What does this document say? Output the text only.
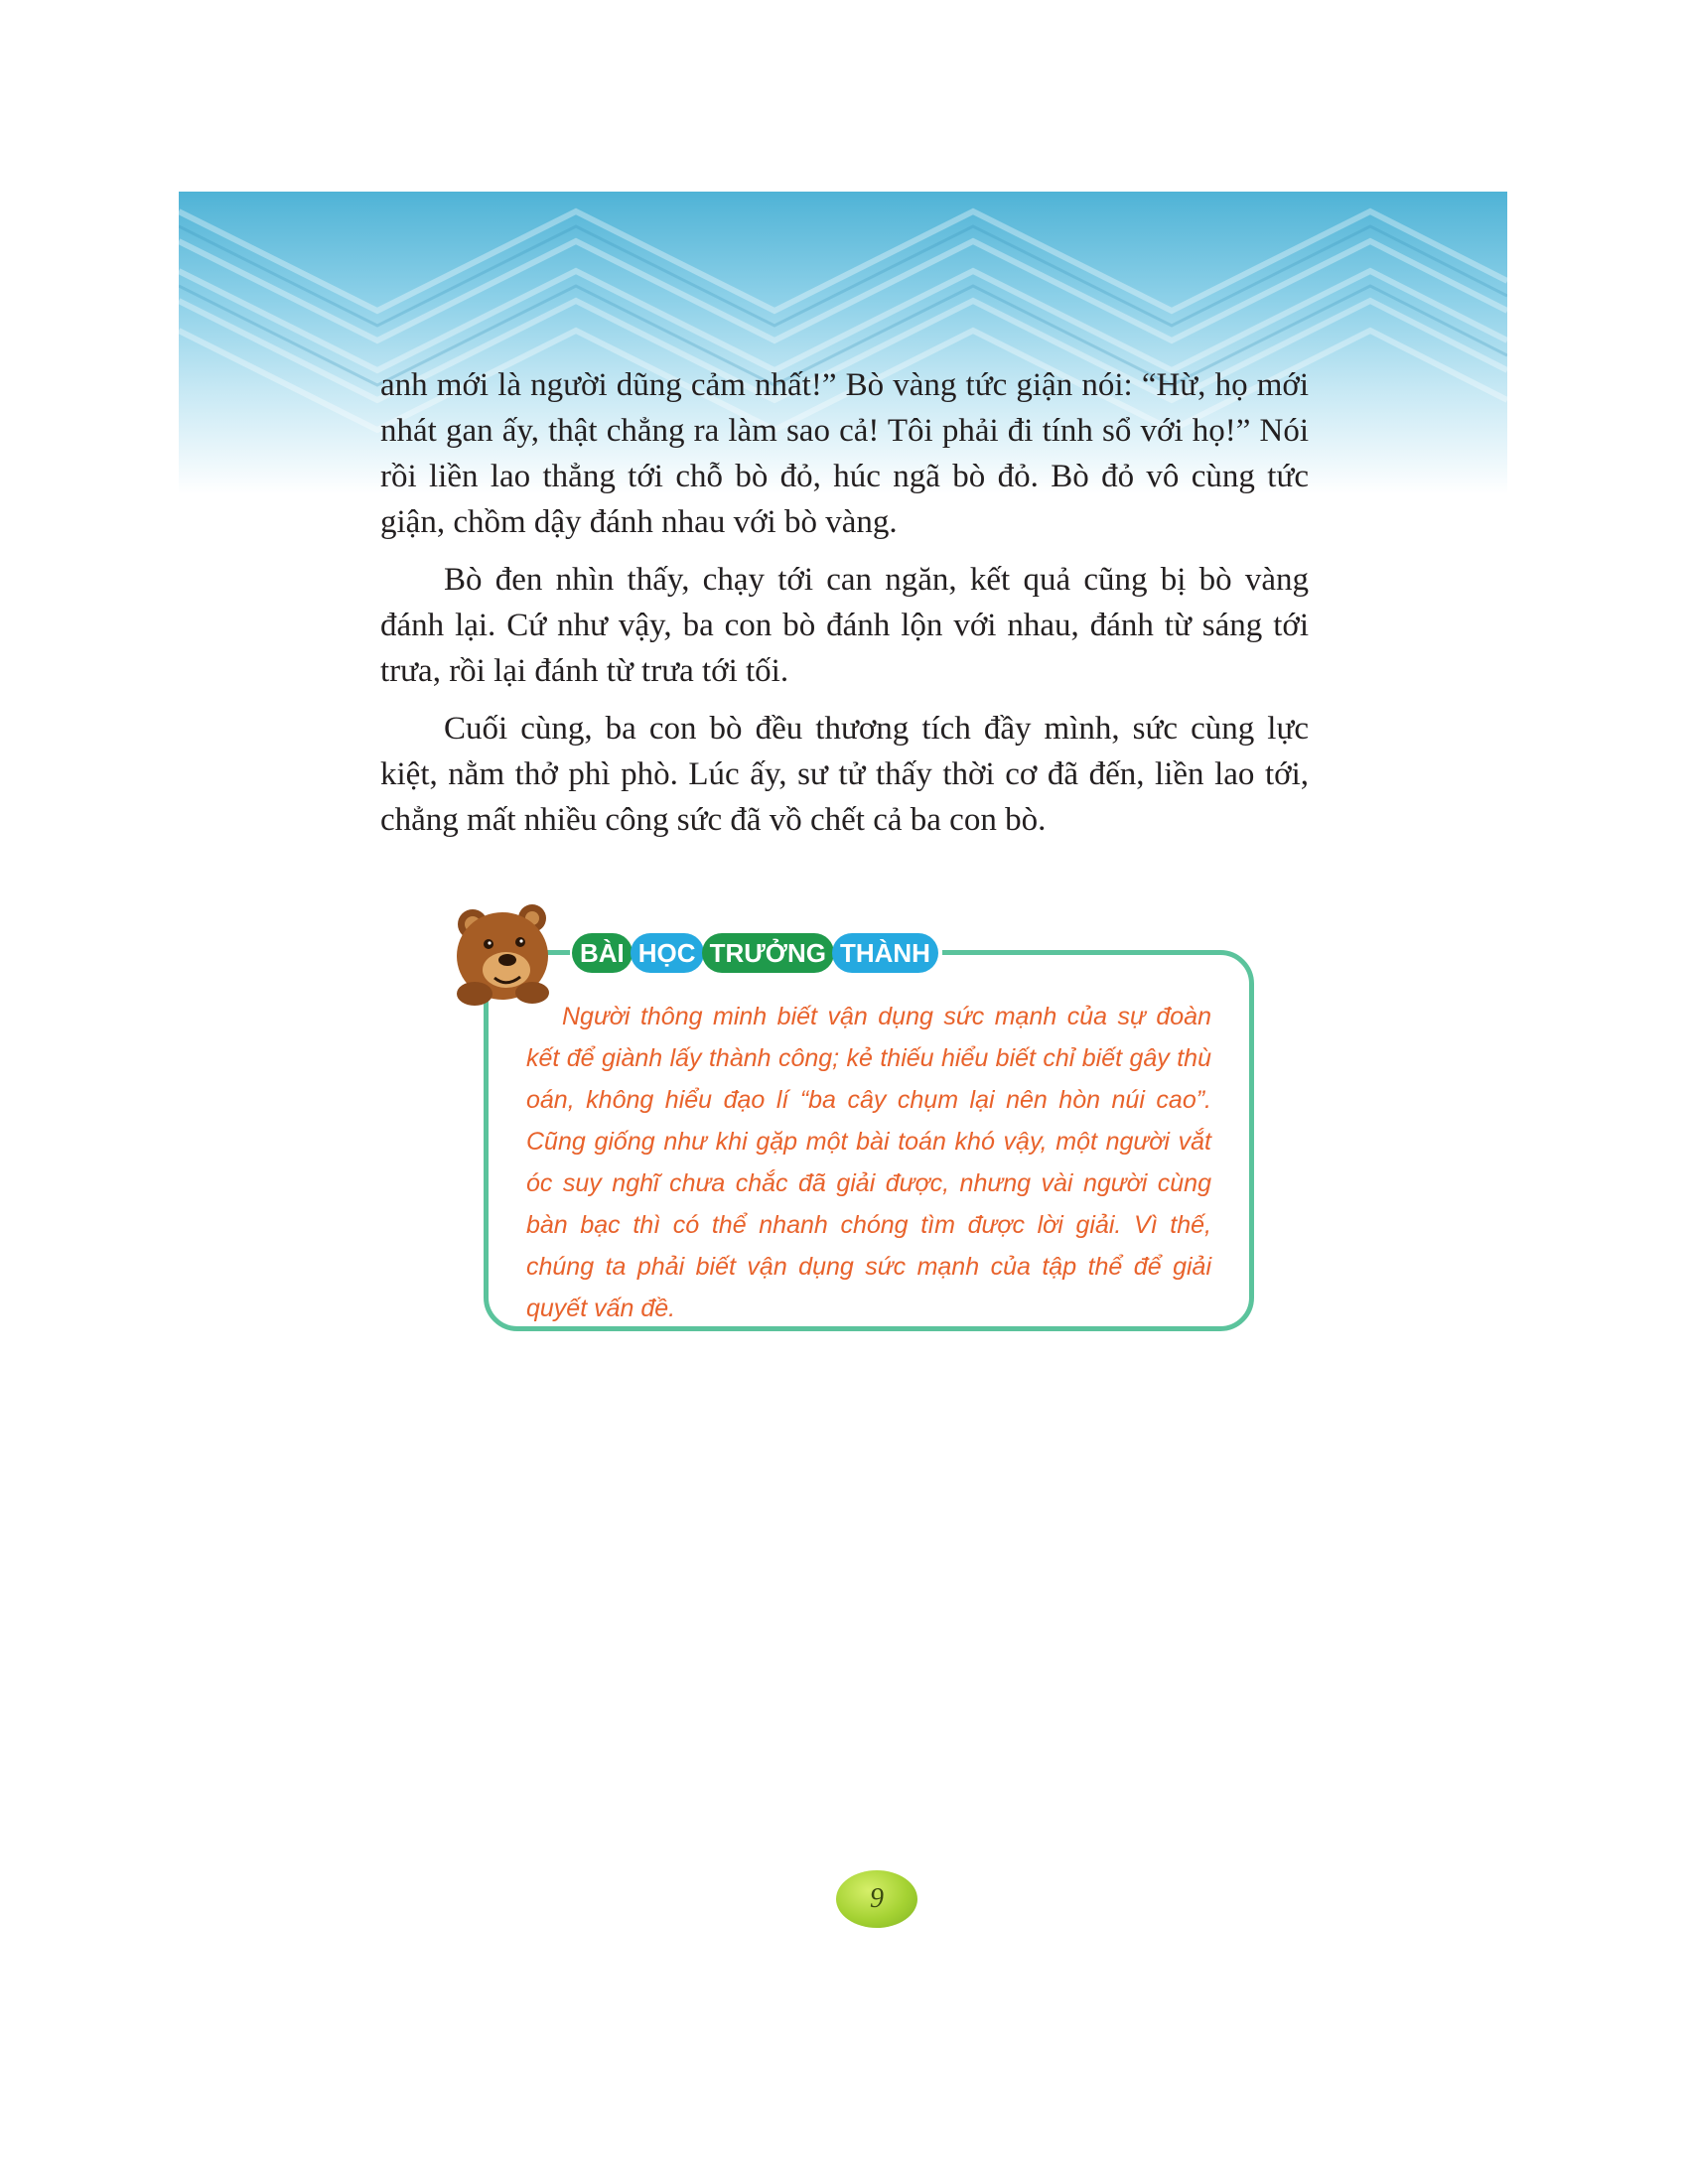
anh mới là người dũng cảm nhất!” Bò vàng tức giận nói: “Hừ, họ mới nhát gan ấy, thật chẳng ra làm sao cả! Tôi phải đi tính sổ với họ!” Nói rồi liền lao thẳng tới chỗ bò đỏ, húc ngã bò đỏ. Bò đỏ vô cùng tức giận, chồm dậy đánh nhau với bò vàng.

Bò đen nhìn thấy, chạy tới can ngăn, kết quả cũng bị bò vàng đánh lại. Cứ như vậy, ba con bò đánh lộn với nhau, đánh từ sáng tới trưa, rồi lại đánh từ trưa tới tối.

Cuối cùng, ba con bò đều thương tích đầy mình, sức cùng lực kiệt, nằm thở phì phò. Lúc ấy, sư tử thấy thời cơ đã đến, liền lao tới, chẳng mất nhiều công sức đã vồ chết cả ba con bò.

Người thông minh biết vận dụng sức mạnh của sự đoàn kết để giành lấy thành công; kẻ thiếu hiểu biết chỉ biết gây thù oán, không hiểu đạo lí “ba cây chụm lại nên hòn núi cao”. Cũng giống như khi gặp một bài toán khó vậy, một người vắt óc suy nghĩ chưa chắc đã giải được, nhưng vài người cùng bàn bạc thì có thể nhanh chóng tìm được lời giải. Vì thế, chúng ta phải biết vận dụng sức mạnh của tập thể để giải quyết vấn đề.

BÀI HỌC TRƯỞNG THÀNH
9
